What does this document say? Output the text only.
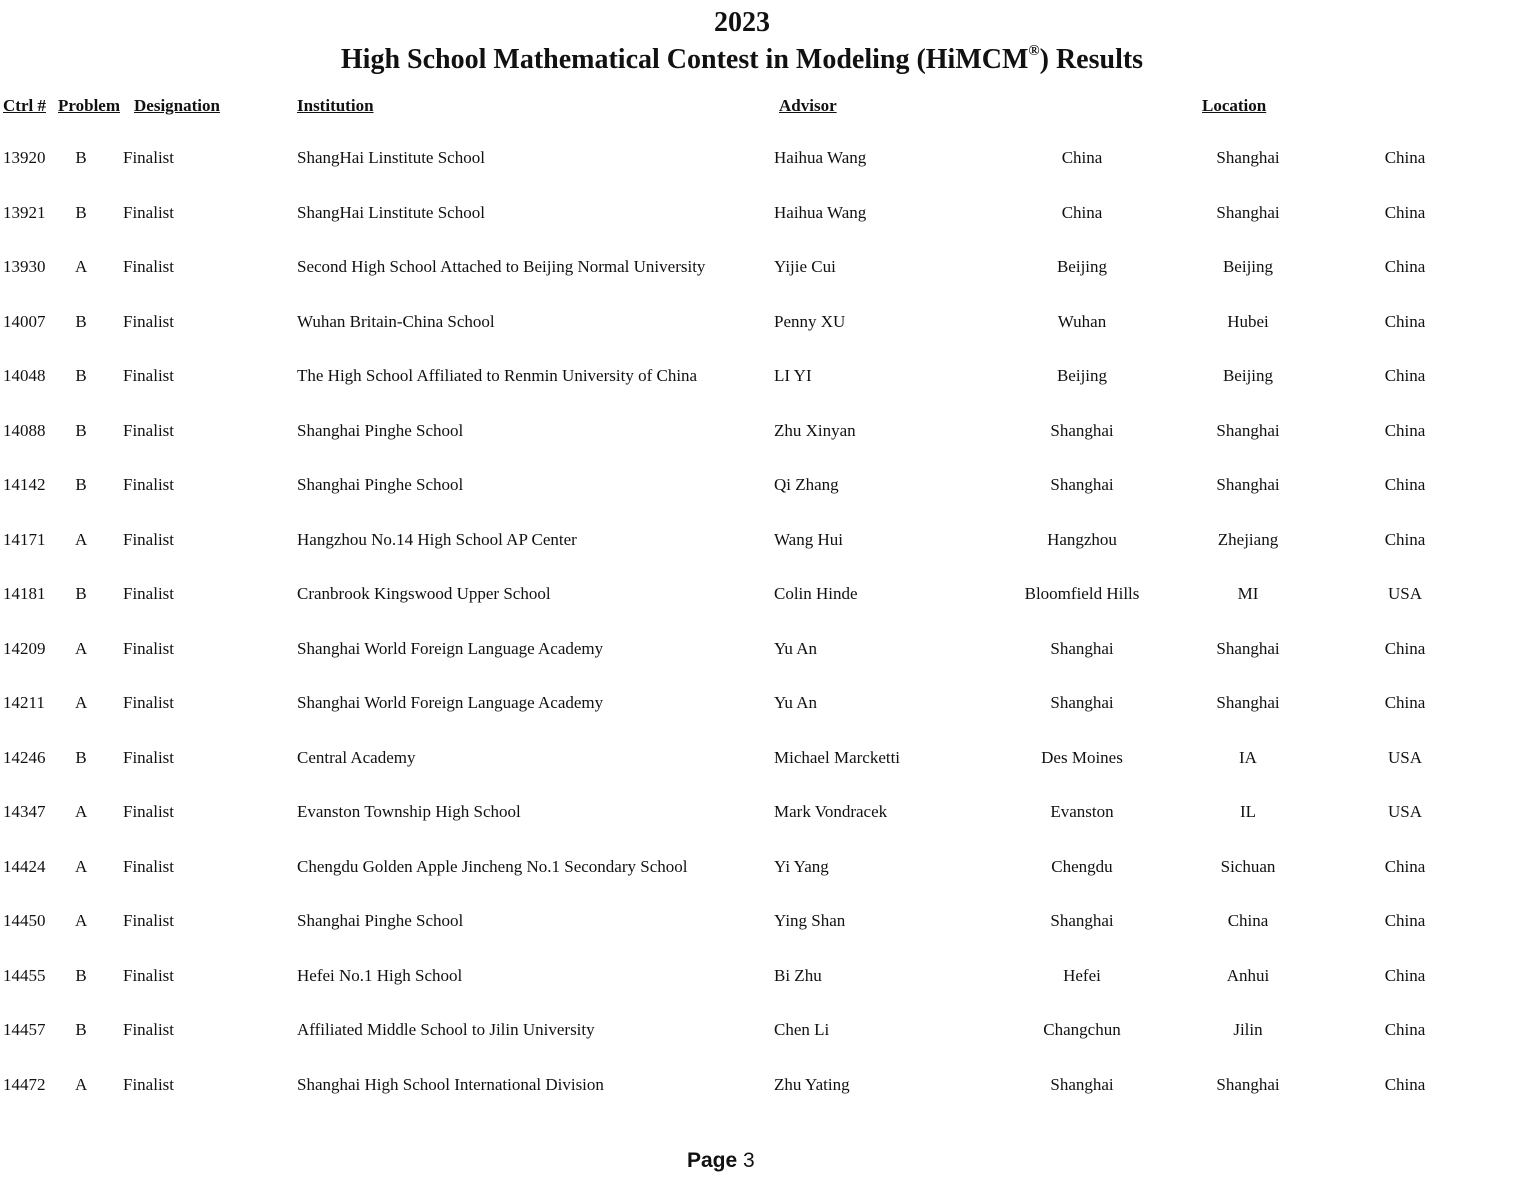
2023
High School Mathematical Contest in Modeling (HiMCM®) Results
Ctrl # Problem Designation	Institution	Advisor	Location
13920 B Finalist	ShangHai Linstitute School	Haihua Wang	China	Shanghai	China
13921 B Finalist	ShangHai Linstitute School	Haihua Wang	China	Shanghai	China
13930 A Finalist	Second High School Attached to Beijing Normal University	Yijie Cui	Beijing	Beijing	China
14007 B Finalist	Wuhan Britain-China School	Penny XU	Wuhan	Hubei	China
14048 B Finalist	The High School Affiliated to Renmin University of China	LI YI	Beijing	Beijing	China
14088 B Finalist	Shanghai Pinghe School	Zhu Xinyan	Shanghai	Shanghai	China
14142 B Finalist	Shanghai Pinghe School	Qi Zhang	Shanghai	Shanghai	China
14171 A Finalist	Hangzhou No.14 High School AP Center	Wang Hui	Hangzhou	Zhejiang	China
14181 B Finalist	Cranbrook Kingswood Upper School	Colin Hinde	Bloomfield Hills	MI	USA
14209 A Finalist	Shanghai World Foreign Language Academy	Yu An	Shanghai	Shanghai	China
14211 A Finalist	Shanghai World Foreign Language Academy	Yu An	Shanghai	Shanghai	China
14246 B Finalist	Central Academy	Michael Marcketti	Des Moines	IA	USA
14347 A Finalist	Evanston Township High School	Mark Vondracek	Evanston	IL	USA
14424 A Finalist	Chengdu Golden Apple Jincheng No.1 Secondary School	Yi Yang	Chengdu	Sichuan	China
14450 A Finalist	Shanghai Pinghe School	Ying Shan	Shanghai	China	China
14455 B Finalist	Hefei No.1 High School	Bi Zhu	Hefei	Anhui	China
14457 B Finalist	Affiliated Middle School to Jilin University	Chen Li	Changchun	Jilin	China
14472 A Finalist	Shanghai High School International Division	Zhu Yating	Shanghai	Shanghai	China
Page 3
